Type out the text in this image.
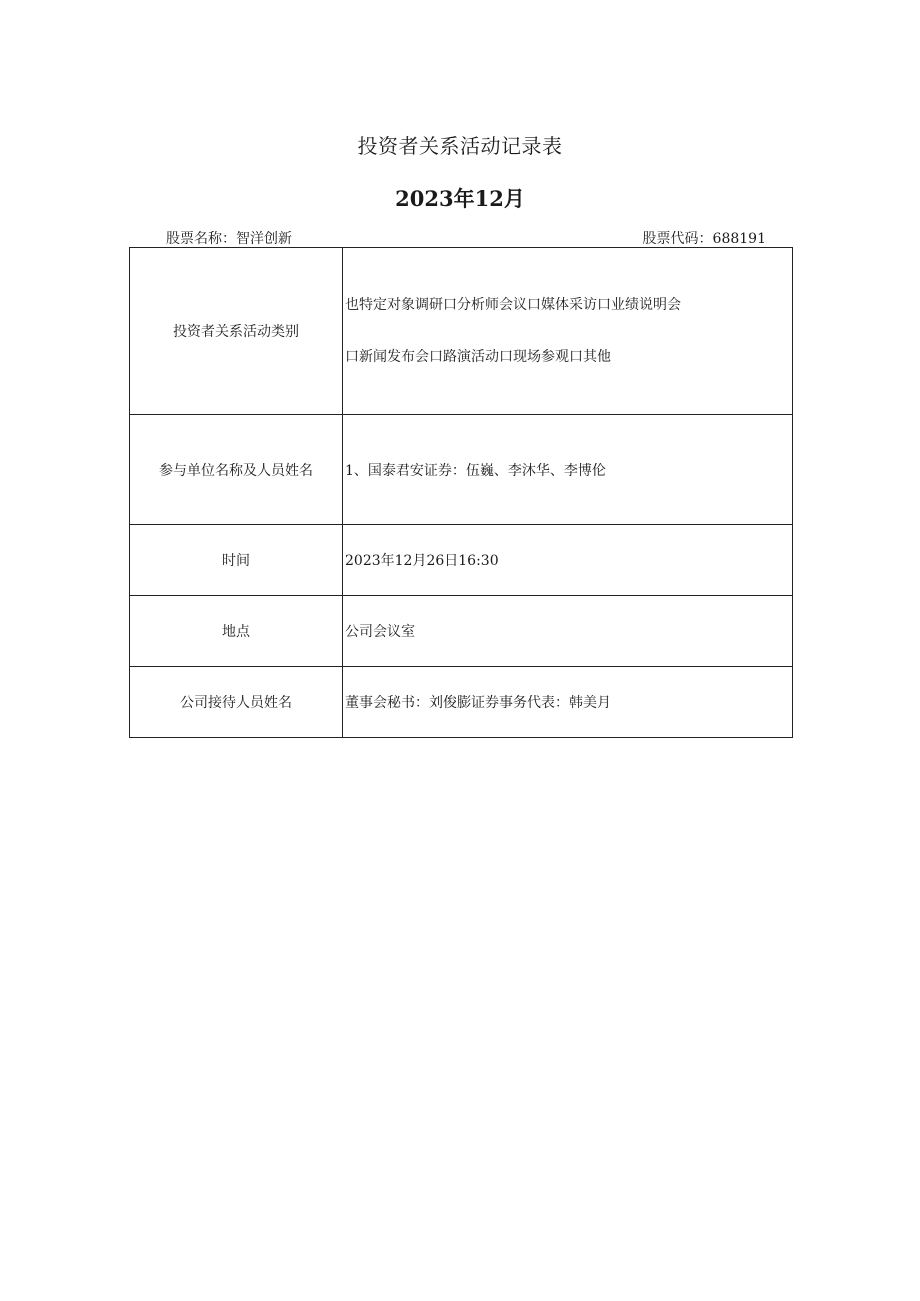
投资者关系活动记录表
2023年12月
股票名称：智洋创新	股票代码：688191
投资者关系活动类别	也特定对象调研口分析师会议口媒体采访口业绩说明会
口新闻发布会口路演活动口现场参观口其他

参与单位名称及人员姓名	1、国泰君安证券：伍巍、李沐华、李博伦
时间	2023年12月26日16:30
地点	公司会议室
公司接待人员姓名	董事会秘书：刘俊膨证券事务代表：韩美月
